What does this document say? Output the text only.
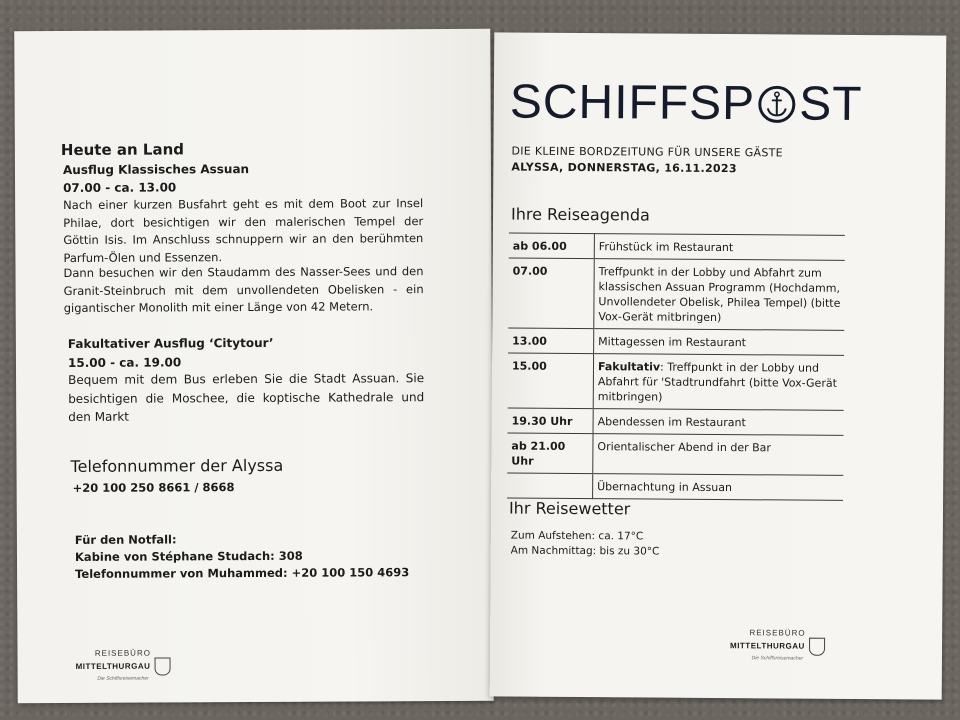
Heute an Land
Ausflug Klassisches Assuan
07.00 - ca. 13.00
Nach einer kurzen Busfahrt geht es mit dem Boot zur Insel Philae, dort besichtigen wir den malerischen Tempel der Göttin Isis. Im Anschluss schnuppern wir an den berühmten Parfum-Ölen und Essenzen.
Dann besuchen wir den Staudamm des Nasser-Sees und den Granit-Steinbruch mit dem unvollendeten Obelisken - ein gigantischer Monolith mit einer Länge von 42 Metern.
Fakultativer Ausflug ‘Citytour’
15.00 - ca. 19.00
Bequem mit dem Bus erleben Sie die Stadt Assuan. Sie besichtigen die Moschee, die koptische Kathedrale und den Markt
Telefonnummer der Alyssa
+20 100 250 8661 / 8668
Für den Notfall:
Kabine von Stéphane Studach: 308
Telefonnummer von Muhammed: +20 100 150 4693
REISEBÜRO
MITTELTHURGAU
Die Schiffsreisemacher
SCHIFFSP ST
DIE KLEINE BORDZEITUNG FÜR UNSERE GÄSTE
ALYSSA, DONNERSTAG, 16.11.2023
Ihre Reiseagenda
ab 06.00	Frühstück im Restaurant
07.00	Treffpunkt in der Lobby und Abfahrt zum klassischen Assuan Programm (Hochdamm, Unvollendeter Obelisk, Philea Tempel) (bitte Vox-Gerät mitbringen)
13.00	Mittagessen im Restaurant
15.00	Fakultativ: Treffpunkt in der Lobby und Abfahrt für 'Stadtrundfahrt (bitte Vox-Gerät mitbringen)
19.30 Uhr	Abendessen im Restaurant
ab 21.00 Uhr	Orientalischer Abend in der Bar
	Übernachtung in Assuan
Ihr Reisewetter
Zum Aufstehen: ca. 17°C
Am Nachmittag: bis zu 30°C
REISEBÜRO
MITTELTHURGAU
Die Schiffsreisemacher
